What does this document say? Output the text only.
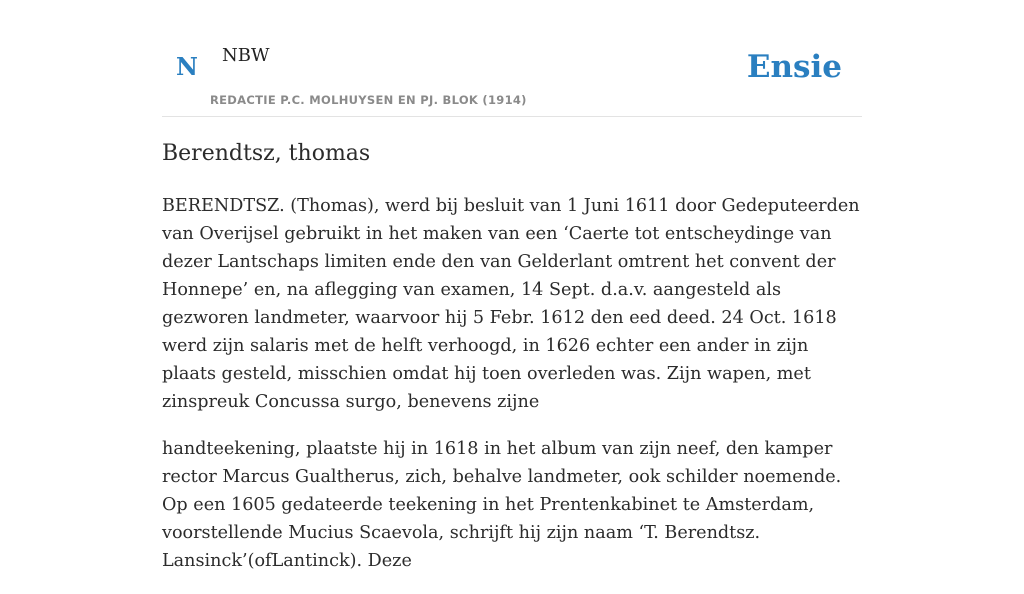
N NBW
REDACTIE P.C. MOLHUYSEN EN PJ. BLOK (1914)
Ensie
Berendtsz, thomas

BERENDTSZ. (Thomas), werd bij besluit van 1 Juni 1611 door Gedeputeerden van Overijsel gebruikt in het maken van een ‘Caerte tot entscheydinge van dezer Lantschaps limiten ende den van Gelderlant omtrent het convent der Honnepe’ en, na aflegging van examen, 14 Sept. d.a.v. aangesteld als gezworen landmeter, waarvoor hij 5 Febr. 1612 den eed deed. 24 Oct. 1618 werd zijn salaris met de helft verhoogd, in 1626 echter een ander in zijn plaats gesteld, misschien omdat hij toen overleden was. Zijn wapen, met zinspreuk Concussa surgo, benevens zijne

handteekening, plaatste hij in 1618 in het album van zijn neef, den kamper rector Marcus Gualtherus, zich, behalve landmeter, ook schilder noemende. Op een 1605 gedateerde teekening in het Prentenkabinet te Amsterdam, voorstellende Mucius Scaevola, schrijft hij zijn naam ‘T. Berendtsz. Lansinck’(ofLantinck). Deze
